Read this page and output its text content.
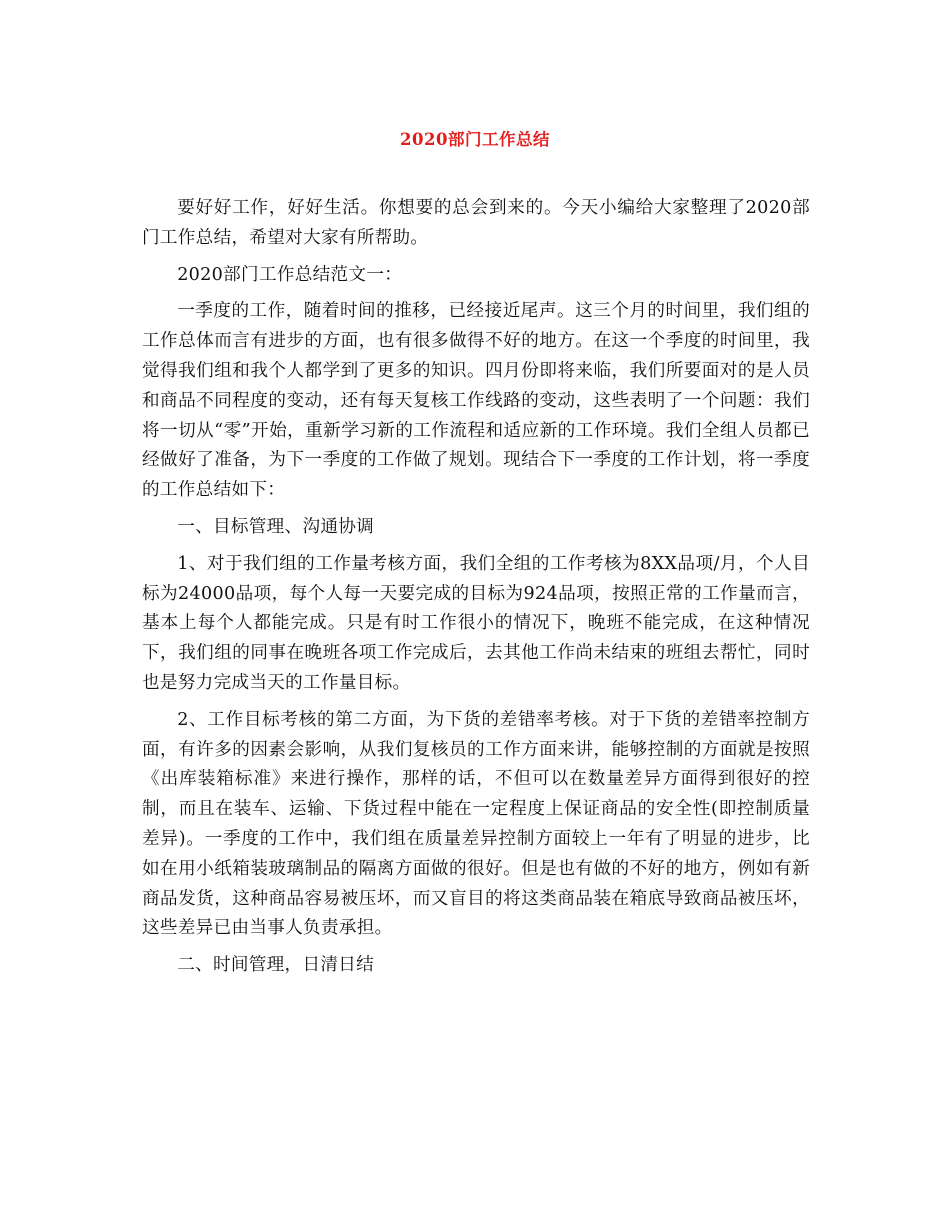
2020部门工作总结

要好好工作，好好生活。你想要的总会到来的。今天小编给大家整理了2020部门工作总结，希望对大家有所帮助。

2020部门工作总结范文一：

一季度的工作，随着时间的推移，已经接近尾声。这三个月的时间里，我们组的工作总体而言有进步的方面，也有很多做得不好的地方。在这一个季度的时间里，我觉得我们组和我个人都学到了更多的知识。四月份即将来临，我们所要面对的是人员和商品不同程度的变动，还有每天复核工作线路的变动，这些表明了一个问题：我们将一切从“零”开始，重新学习新的工作流程和适应新的工作环境。我们全组人员都已经做好了准备，为下一季度的工作做了规划。现结合下一季度的工作计划，将一季度的工作总结如下：

一、目标管理、沟通协调

1、对于我们组的工作量考核方面，我们全组的工作考核为8XX品项/月，个人目标为24000品项，每个人每一天要完成的目标为924品项，按照正常的工作量而言，基本上每个人都能完成。只是有时工作很小的情况下，晚班不能完成，在这种情况下，我们组的同事在晚班各项工作完成后，去其他工作尚未结束的班组去帮忙，同时也是努力完成当天的工作量目标。

2、工作目标考核的第二方面，为下货的差错率考核。对于下货的差错率控制方面，有许多的因素会影响，从我们复核员的工作方面来讲，能够控制的方面就是按照《出库装箱标准》来进行操作，那样的话，不但可以在数量差异方面得到很好的控制，而且在装车、运输、下货过程中能在一定程度上保证商品的安全性(即控制质量差异)。一季度的工作中，我们组在质量差异控制方面较上一年有了明显的进步，比如在用小纸箱装玻璃制品的隔离方面做的很好。但是也有做的不好的地方，例如有新商品发货，这种商品容易被压坏，而又盲目的将这类商品装在箱底导致商品被压坏，这些差异已由当事人负责承担。

二、时间管理，日清日结
